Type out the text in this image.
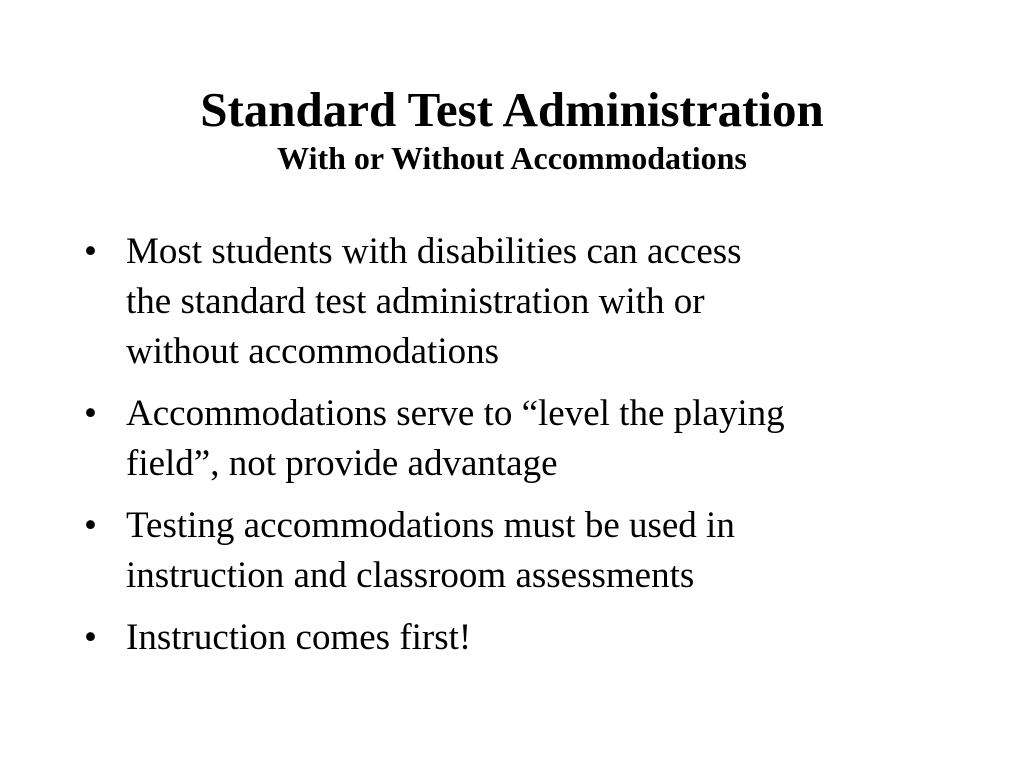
Standard Test Administration
With or Without Accommodations
• Most students with disabilities can access
the standard test administration with or
without accommodations
• Accommodations serve to “level the playing
field”, not provide advantage
• Testing accommodations must be used in
instruction and classroom assessments
• Instruction comes first!
